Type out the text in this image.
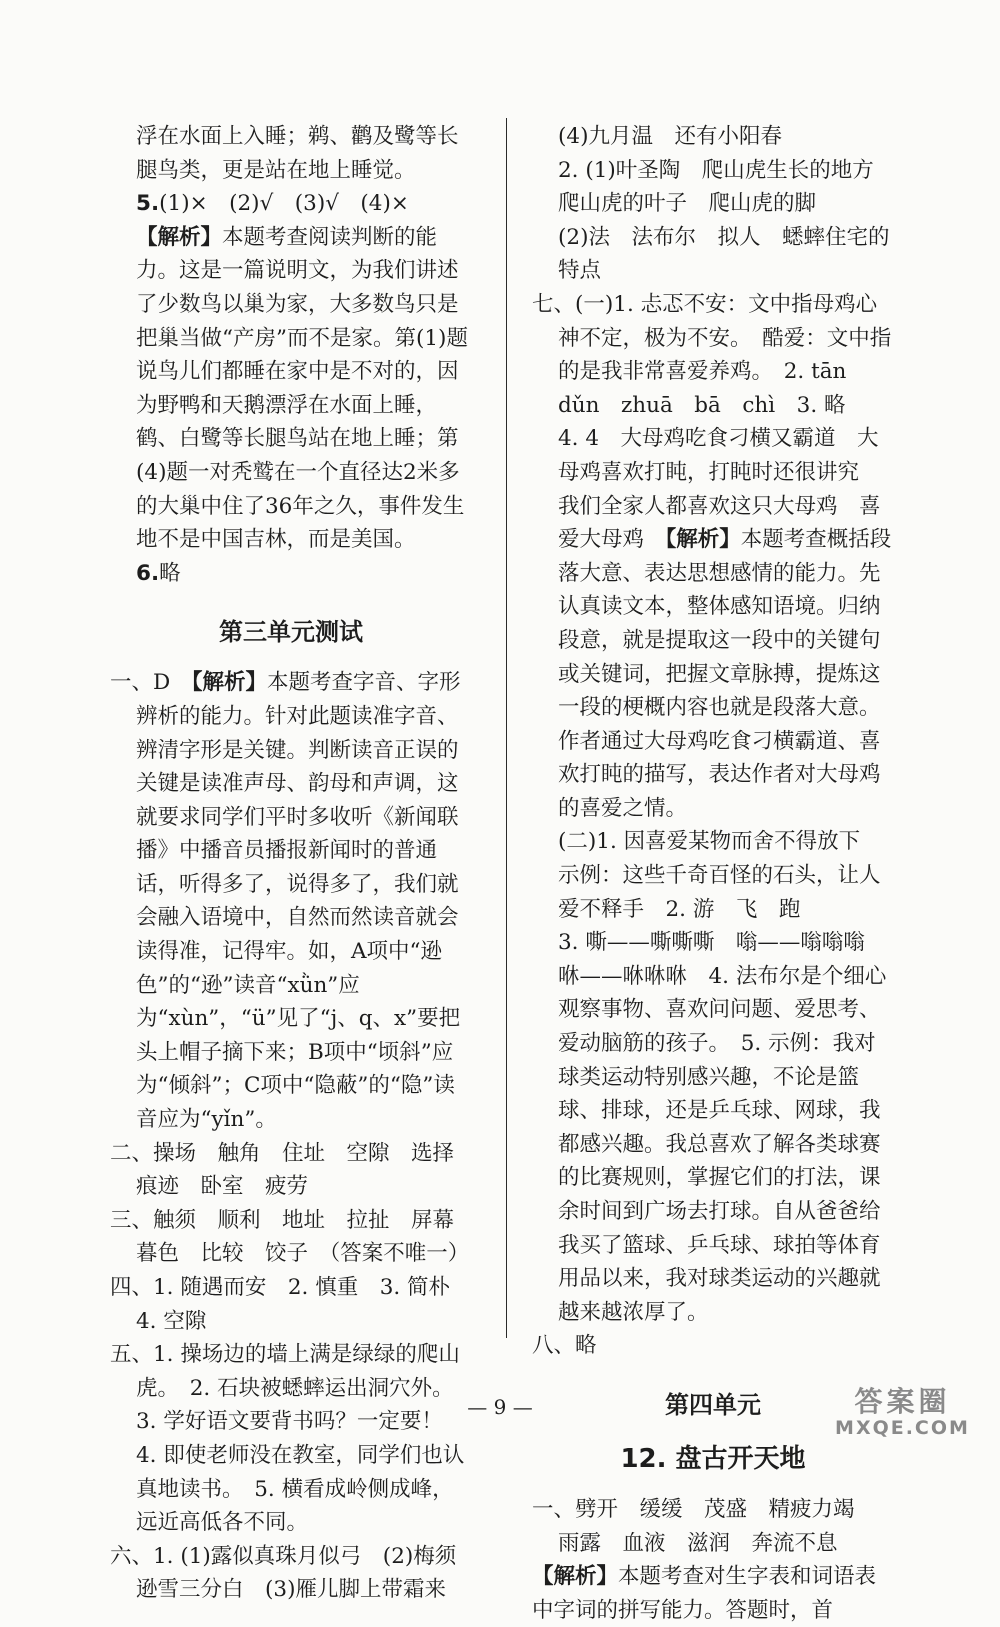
浮在水面上入睡；鹈、鹳及鹭等长

腿鸟类，更是站在地上睡觉。

5.(1)×　(2)√　(3)√　(4)×

【解析】本题考查阅读判断的能力。这是一篇说明文，为我们讲述了少数鸟以巢为家，大多数鸟只是把巢当做“产房”而不是家。第(1)题说鸟儿们都睡在家中是不对的，因为野鸭和天鹅漂浮在水面上睡，鹤、白鹭等长腿鸟站在地上睡；第(4)题一对秃鹫在一个直径达2米多的大巢中住了36年之久，事件发生地不是中国吉林，而是美国。

6.略

第三单元测试

一、D　 【解析】本题考查字音、字形辨析的能力。针对此题读准字音、辨清字形是关键。判断读音正误的关键是读准声母、韵母和声调，这就要求同学们平时多收听《新闻联播》中播音员播报新闻时的普通话，听得多了，说得多了，我们就会融入语境中，自然而然读音就会读得准，记得牢。如，A项中“逊色”的“逊”读音“xǜn”应为“xùn”，“ü”见了“j、q、x”要把头上帽子摘下来；B项中“顷斜”应为“倾斜”；C项中“隐蔽”的“隐”读音应为“yǐn”。

二、操场　触角　住址　空隙　选择

痕迹　卧室　疲劳

三、触须　顺利　地址　拉扯　屏幕

暮色　比较　饺子　（答案不唯一）

四、1. 随遇而安　2. 慎重　3. 简朴

4. 空隙

五、1. 操场边的墙上满是绿绿的爬山虎。　2. 石块被蟋蟀运出洞穴外。

3. 学好语文要背书吗？一定要！

4. 即使老师没在教室，同学们也认真地读书。　5. 横看成岭侧成峰，远近高低各不同。

六、1. (1)露似真珠月似弓　(2)梅须逊雪三分白　(3)雁儿脚上带霜来

(4)九月温　还有小阳春

2. (1)叶圣陶　爬山虎生长的地方　爬山虎的叶子　爬山虎的脚

(2)法　法布尔　拟人　蟋蟀住宅的特点

七、(一)1. 忐忑不安：文中指母鸡心神不定，极为不安。　酷爱：文中指的是我非常喜爱养鸡。　2. tān　dǔn　zhuā　bā　chì　3. 略

4. 4　大母鸡吃食刁横又霸道　大母鸡喜欢打盹，打盹时还很讲究　我们全家人都喜欢这只大母鸡　喜爱大母鸡　【解析】本题考查概括段落大意、表达思想感情的能力。先认真读文本，整体感知语境。归纳段意，就是提取这一段中的关键句或关键词，把握文章脉搏，提炼这一段的梗概内容也就是段落大意。作者通过大母鸡吃食刁横霸道、喜欢打盹的描写，表达作者对大母鸡的喜爱之情。

(二)1. 因喜爱某物而舍不得放下　示例：这些千奇百怪的石头，让人爱不释手　2. 游　飞　跑

3. 嘶——嘶嘶嘶　嗡——嗡嗡嗡　咻——咻咻咻　4. 法布尔是个细心观察事物、喜欢问问题、爱思考、爱动脑筋的孩子。　5. 示例：我对球类运动特别感兴趣，不论是篮球、排球，还是乒乓球、网球，我都感兴趣。我总喜欢了解各类球赛的比赛规则，掌握它们的打法，课余时间到广场去打球。自从爸爸给我买了篮球、乒乓球、球拍等体育用品以来，我对球类运动的兴趣就越来越浓厚了。

八、略

第四单元
12. 盘古开天地

一、劈开　缓缓　茂盛　精疲力竭

雨露　血液　滋润　奔流不息

【解析】本题考查对生字表和词语表中字词的拼写能力。答题时，首

— 9 —	答案圈
MXQE.COM
